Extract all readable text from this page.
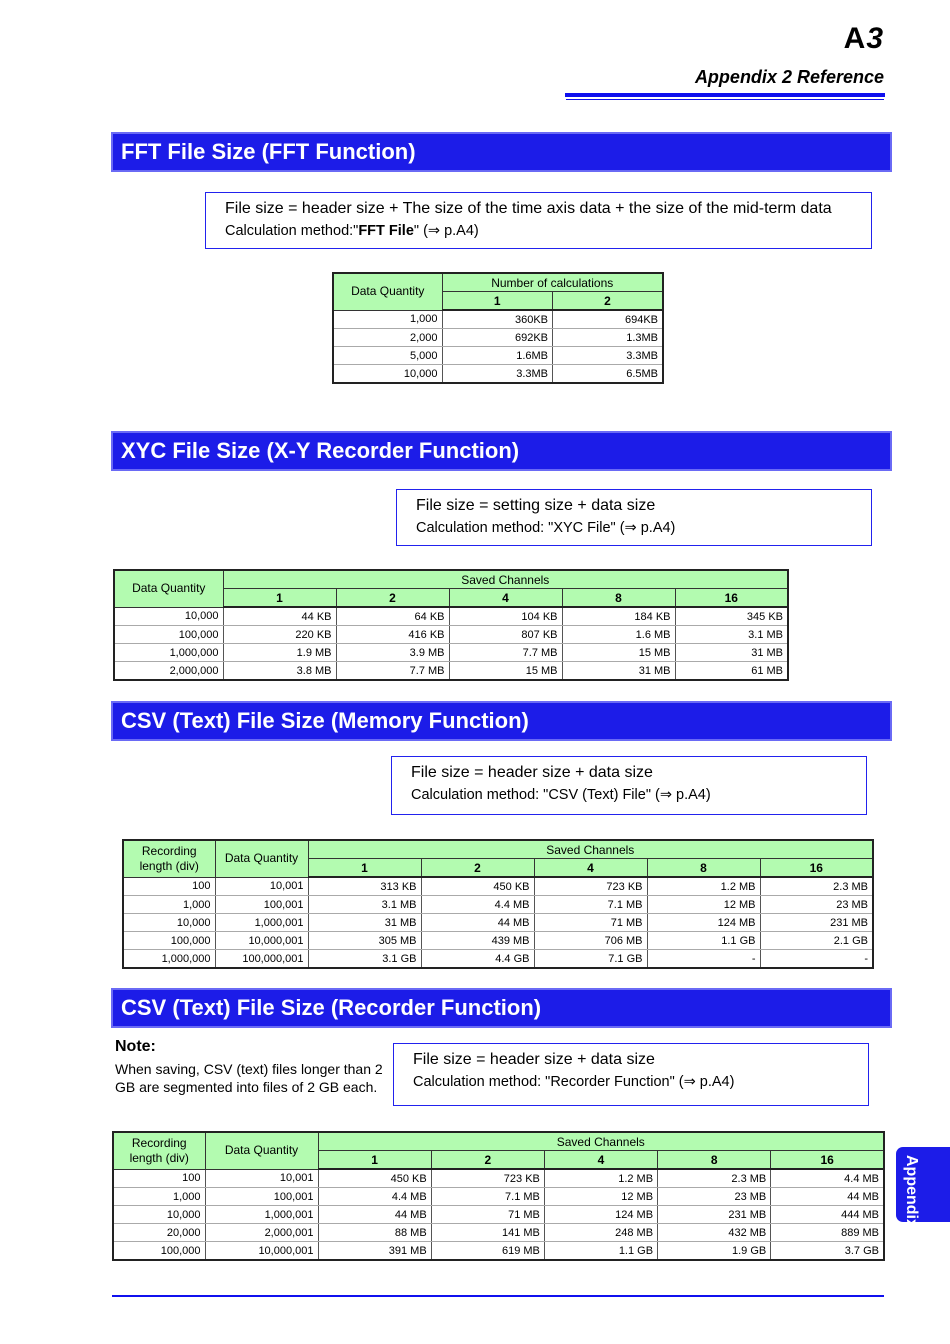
A3
Appendix 2 Reference
FFT File Size (FFT Function)
File size = header size + The size of the time axis data + the size of the mid-term data
Calculation method:"FFT File" (⇒ p.A4)
Data Quantity	Number of calculations	
	1	2
1,000	360KB	694KB
2,000	692KB	1.3MB
5,000	1.6MB	3.3MB
10,000	3.3MB	6.5MB
XYC File Size (X-Y Recorder Function)
File size = setting size + data size
Calculation method: "XYC File" (⇒ p.A4)
Data Quantity	Saved Channels				
	1	2	4	8	16
10,000	44 KB	64 KB	104 KB	184 KB	345 KB
100,000	220 KB	416 KB	807 KB	1.6 MB	3.1 MB
1,000,000	1.9 MB	3.9 MB	7.7 MB	15 MB	31 MB
2,000,000	3.8 MB	7.7 MB	15 MB	31 MB	61 MB
CSV (Text) File Size (Memory Function)
File size = header size + data size
Calculation method: "CSV (Text) File" (⇒ p.A4)
Recording length (div)	Data Quantity	Saved Channels				
		1	2	4	8	16
100	10,001	313 KB	450 KB	723 KB	1.2 MB	2.3 MB
1,000	100,001	3.1 MB	4.4 MB	7.1 MB	12 MB	23 MB
10,000	1,000,001	31 MB	44 MB	71 MB	124 MB	231 MB
100,000	10,000,001	305 MB	439 MB	706 MB	1.1 GB	2.1 GB
1,000,000	100,000,001	3.1 GB	4.4 GB	7.1 GB	-	-
CSV (Text) File Size (Recorder Function)
Note:
When saving, CSV (text) files longer than 2 GB are segmented into files of 2 GB each.
File size = header size + data size
Calculation method: "Recorder Function" (⇒ p.A4)
Recording length (div)	Data Quantity	Saved Channels				
		1	2	4	8	16
100	10,001	450 KB	723 KB	1.2 MB	2.3 MB	4.4 MB
1,000	100,001	4.4 MB	7.1 MB	12 MB	23 MB	44 MB
10,000	1,000,001	44 MB	71 MB	124 MB	231 MB	444 MB
20,000	2,000,001	88 MB	141 MB	248 MB	432 MB	889 MB
100,000	10,000,001	391 MB	619 MB	1.1 GB	1.9 GB	3.7 GB
Appendix
